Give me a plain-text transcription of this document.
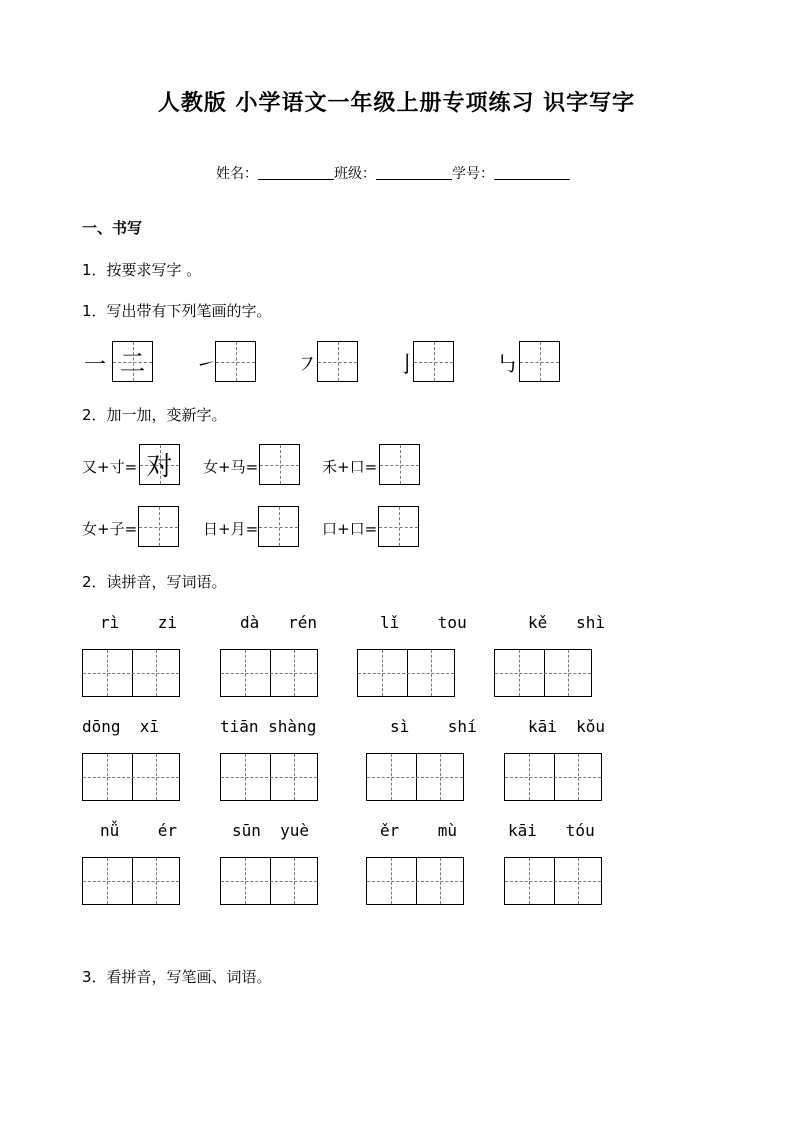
人教版 小学语文一年级上册专项练习 识字写字
姓名：	班级：	学号：
一、书写
1．按要求写字 。
1．写出带有下列笔画的字。
一 二 ㇀	㇇	亅	㇉
2．加一加，变新字。
又+寸= 对	女+马=	禾+口=
女+子=	日+月=	口+口=
2．读拼音，写词语。
rì    zi	dà   rén	lǐ    tou	kě   shì
dōng  xī	tiān shàng	sì    shí	kāi  kǒu
nǚ    ér	sūn  yuè	ěr    mù	kāi   tóu
3．看拼音，写笔画、词语。
